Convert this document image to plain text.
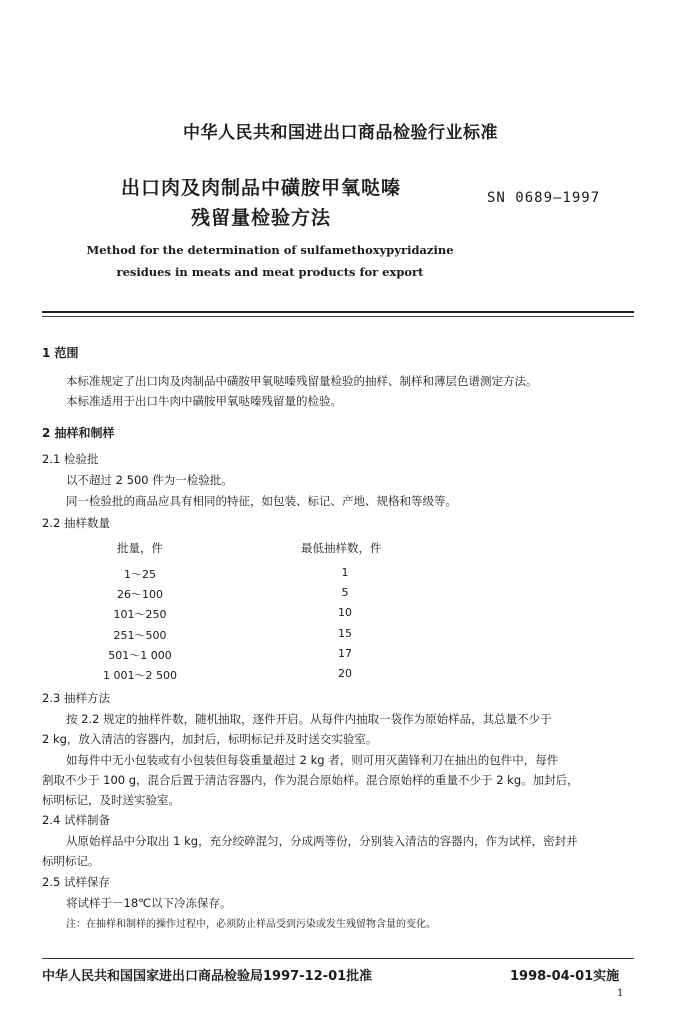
中华人民共和国进出口商品检验行业标准
出口肉及肉制品中磺胺甲氧哒嗪
残留量检验方法
SN 0689—1997
Method for the determination of sulfamethoxypyridazine
residues in meats and meat products for export
1 范围
本标准规定了出口肉及肉制品中磺胺甲氧哒嗪残留量检验的抽样、制样和薄层色谱测定方法。
本标准适用于出口牛肉中磺胺甲氧哒嗪残留量的检验。
2 抽样和制样
2.1 检验批
以不超过 2 500 件为一检验批。
同一检验批的商品应具有相同的特征，如包装、标记、产地、规格和等级等。
2.2 抽样数量
批量，件	最低抽样数，件
1～25	1
26～100	5
101～250	10
251～500	15
501～1 000	17
1 001～2 500	20
2.3 抽样方法
按 2.2 规定的抽样件数，随机抽取，逐件开启。从每件内抽取一袋作为原始样品，其总量不少于
2 kg，放入清洁的容器内，加封后，标明标记并及时送交实验室。
如每件中无小包装或有小包装但每袋重量超过 2 kg 者，则可用灭菌锋利刀在抽出的包件中，每件
割取不少于 100 g，混合后置于清洁容器内，作为混合原始样。混合原始样的重量不少于 2 kg。加封后，
标明标记，及时送实验室。
2.4 试样制备
从原始样品中分取出 1 kg，充分绞碎混匀，分成两等份，分别装入清洁的容器内，作为试样，密封并
标明标记。
2.5 试样保存
将试样于－18℃以下冷冻保存。
注：在抽样和制样的操作过程中，必须防止样品受到污染或发生残留物含量的变化。
中华人民共和国国家进出口商品检验局1997-12-01批准	1998-04-01实施
1
